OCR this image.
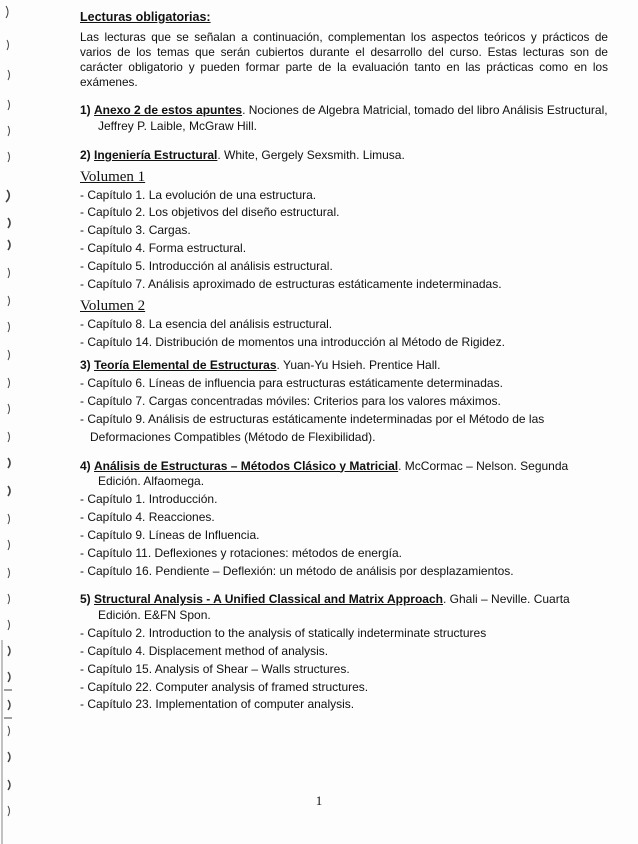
Lecturas obligatorias:
Las lecturas que se señalan a continuación, complementan los aspectos teóricos y prácticos de varios de los temas que serán cubiertos durante el desarrollo del curso. Estas lecturas son de carácter obligatorio y pueden formar parte de la evaluación tanto en las prácticas como en los exámenes.
1) Anexo 2 de estos apuntes. Nociones de Algebra Matricial, tomado del libro Análisis Estructural, Jeffrey P. Laible, McGraw Hill.
2) Ingeniería Estructural. White, Gergely Sexsmith. Limusa.
Volumen 1
- Capítulo 1. La evolución de una estructura.
- Capítulo 2. Los objetivos del diseño estructural.
- Capítulo 3. Cargas.
- Capítulo 4. Forma estructural.
- Capítulo 5. Introducción al análisis estructural.
- Capítulo 7. Análisis aproximado de estructuras estáticamente indeterminadas.
Volumen 2
- Capítulo 8. La esencia del análisis estructural.
- Capítulo 14. Distribución de momentos una introducción al Método de Rigidez.
3) Teoría Elemental de Estructuras. Yuan-Yu Hsieh. Prentice Hall.
- Capítulo 6. Líneas de influencia para estructuras estáticamente determinadas.
- Capítulo 7. Cargas concentradas móviles: Criterios para los valores máximos.
- Capítulo 9. Análisis de estructuras estáticamente indeterminadas por el Método de las Deformaciones Compatibles (Método de Flexibilidad).
4) Análisis de Estructuras – Métodos Clásico y Matricial. McCormac – Nelson. Segunda Edición. Alfaomega.
- Capítulo 1. Introducción.
- Capítulo 4. Reacciones.
- Capítulo 9. Líneas de Influencia.
- Capítulo 11. Deflexiones y rotaciones: métodos de energía.
- Capítulo 16. Pendiente – Deflexión: un método de análisis por desplazamientos.
5) Structural Analysis - A Unified Classical and Matrix Approach. Ghali – Neville. Cuarta Edición. E&FN Spon.
- Capítulo 2. Introduction to the analysis of statically indeterminate structures
- Capítulo 4. Displacement method of analysis.
- Capítulo 15. Analysis of Shear – Walls structures.
- Capítulo 22. Computer analysis of framed structures.
- Capítulo 23. Implementation of computer analysis.
1
